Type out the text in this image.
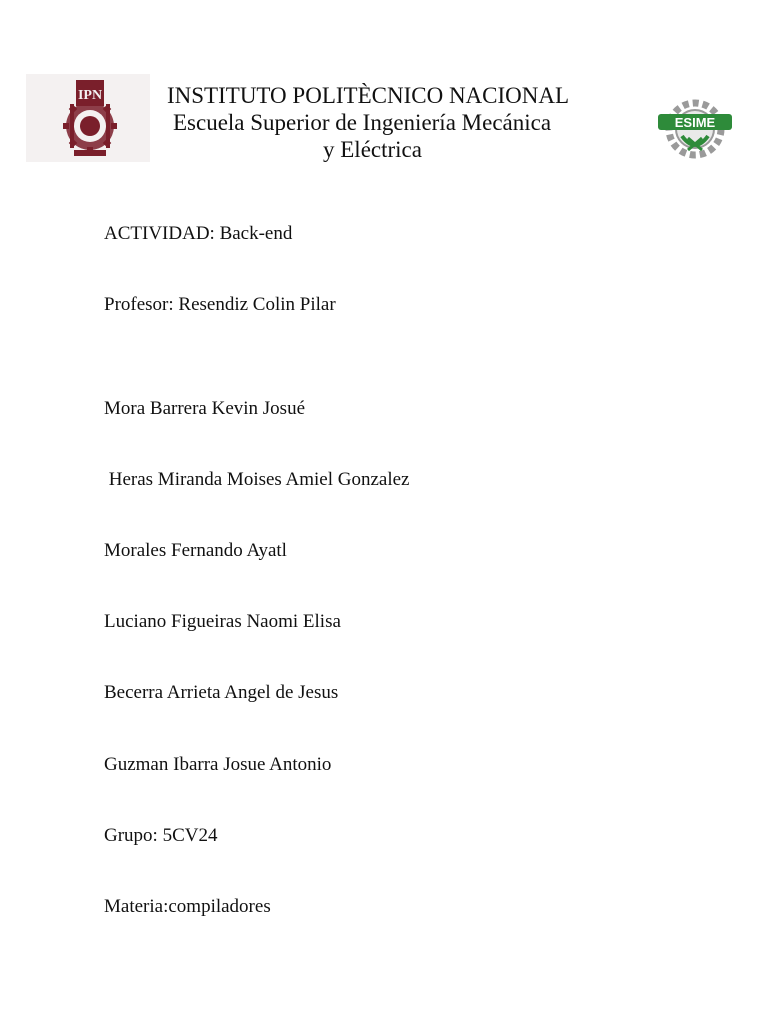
IPN	INSTITUTO POLITÈCNICO NACIONAL

Escuela Superior de Ingeniería Mecánica

y Eléctrica

ESIME

ACTIVIDAD: Back-end

Profesor: Resendiz Colin Pilar

Mora Barrera Kevin Josué

Heras Miranda Moises Amiel Gonzalez

Morales Fernando Ayatl

Luciano Figueiras Naomi Elisa

Becerra Arrieta Angel de Jesus

Guzman Ibarra Josue Antonio

Grupo: 5CV24

Materia:compiladores
